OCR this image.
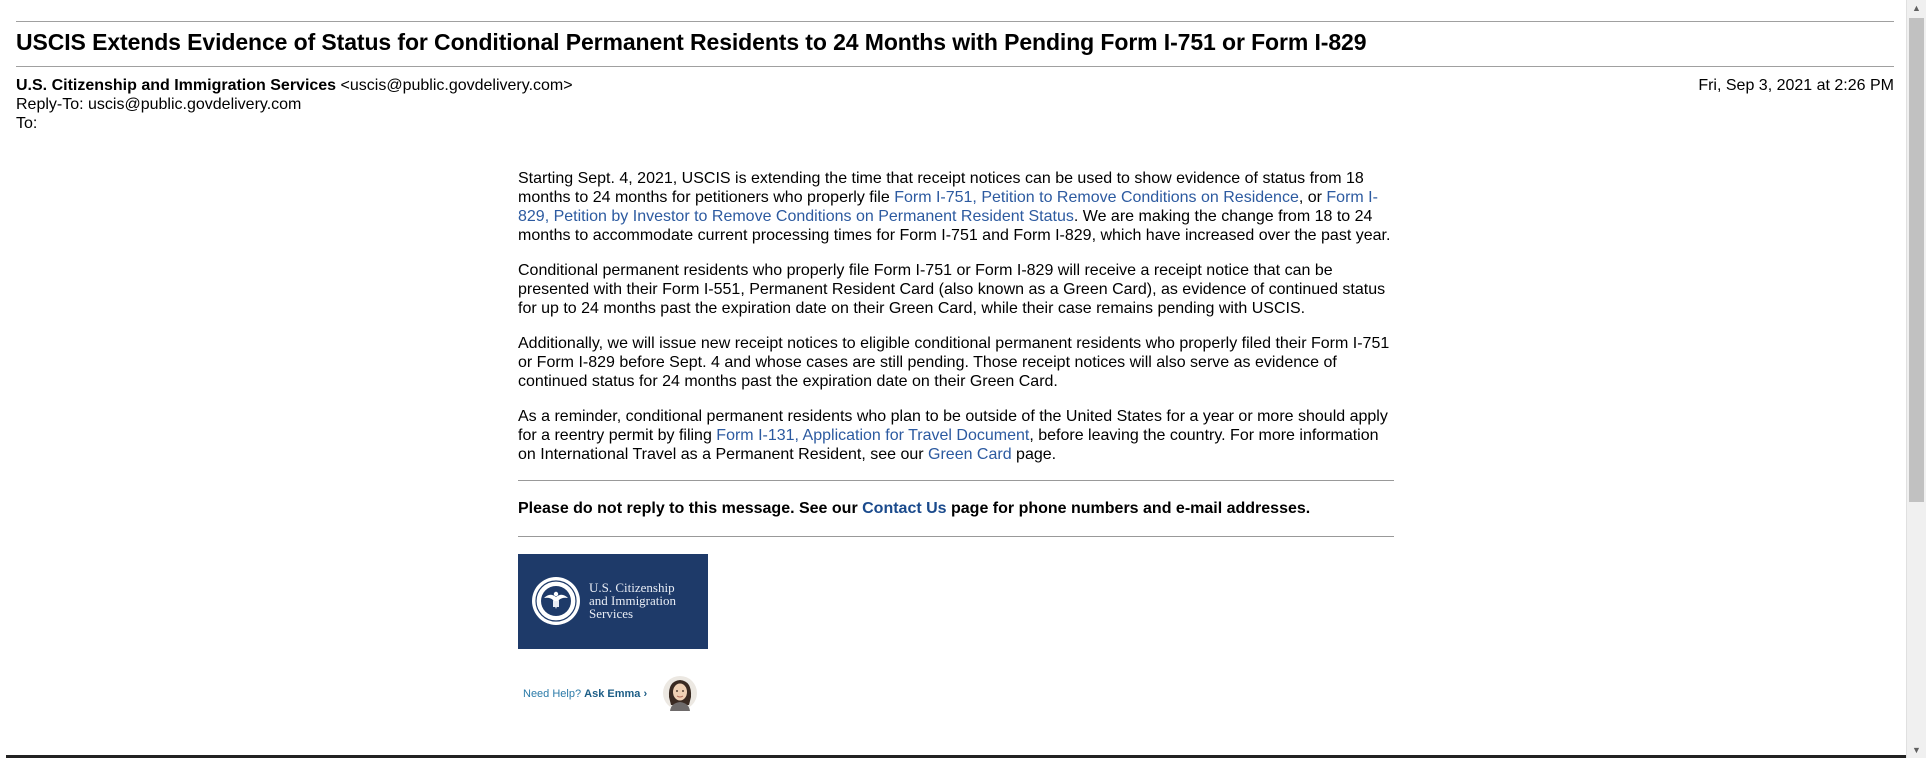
USCIS Extends Evidence of Status for Conditional Permanent Residents to 24 Months with Pending Form I-751 or Form I-829
U.S. Citizenship and Immigration Services <uscis@public.govdelivery.com>
Reply-To: uscis@public.govdelivery.com
To:
Fri, Sep 3, 2021 at 2:26 PM

Starting Sept. 4, 2021, USCIS is extending the time that receipt notices can be used to show evidence of status from 18 months to 24 months for petitioners who properly file Form I-751, Petition to Remove Conditions on Residence, or Form I-829, Petition by Investor to Remove Conditions on Permanent Resident Status. We are making the change from 18 to 24 months to accommodate current processing times for Form I-751 and Form I-829, which have increased over the past year.

Conditional permanent residents who properly file Form I-751 or Form I-829 will receive a receipt notice that can be presented with their Form I-551, Permanent Resident Card (also known as a Green Card), as evidence of continued status for up to 24 months past the expiration date on their Green Card, while their case remains pending with USCIS.

Additionally, we will issue new receipt notices to eligible conditional permanent residents who properly filed their Form I-751 or Form I-829 before Sept. 4 and whose cases are still pending. Those receipt notices will also serve as evidence of continued status for 24 months past the expiration date on their Green Card.

As a reminder, conditional permanent residents who plan to be outside of the United States for a year or more should apply for a reentry permit by filing Form I-131, Application for Travel Document, before leaving the country. For more information on International Travel as a Permanent Resident, see our Green Card page.

Please do not reply to this message. See our Contact Us page for phone numbers and e-mail addresses.
U.S. Citizenship
and Immigration
Services
Need Help? Ask Emma ›
▲
▼
